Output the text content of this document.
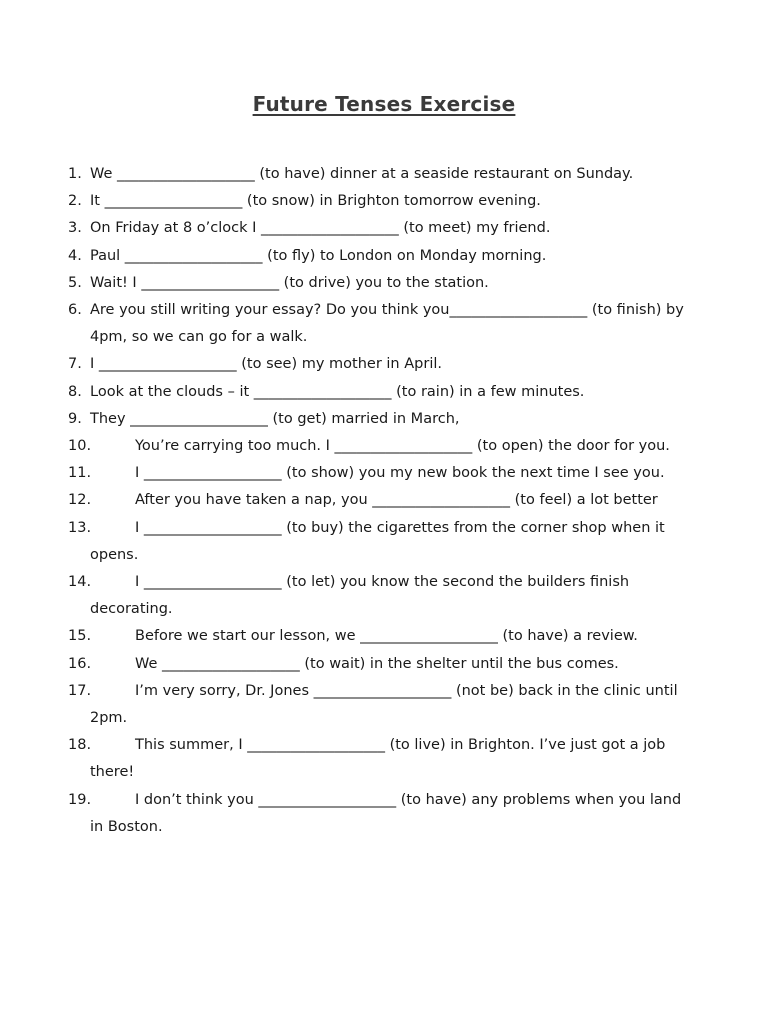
Future Tenses Exercise
1. We ___________________ (to have) dinner at a seaside restaurant on Sunday.
2. It ___________________ (to snow) in Brighton tomorrow evening.
3. On Friday at 8 o’clock I ___________________ (to meet) my friend.
4. Paul ___________________ (to fly) to London on Monday morning.
5. Wait! I ___________________ (to drive) you to the station.
6. Are you still writing your essay? Do you think you___________________ (to finish) by 4pm, so we can go for a walk.
7. I ___________________ (to see) my mother in April.
8. Look at the clouds – it ___________________ (to rain) in a few minutes.
9. They ___________________ (to get) married in March,
10.	You’re carrying too much. I ___________________ (to open) the door for you.
11.	I ___________________ (to show) you my new book the next time I see you.
12.	After you have taken a nap, you ___________________ (to feel) a lot better
13.	I ___________________ (to buy) the cigarettes from the corner shop when it opens.
14.	I ___________________ (to let) you know the second the builders finish decorating.
15.	Before we start our lesson, we ___________________ (to have) a review.
16.	We ___________________ (to wait) in the shelter until the bus comes.
17.	I’m very sorry, Dr. Jones ___________________ (not be) back in the clinic until 2pm.
18.	This summer, I ___________________ (to live) in Brighton. I’ve just got a job there!
19.	I don’t think you ___________________ (to have) any problems when you land in Boston.
